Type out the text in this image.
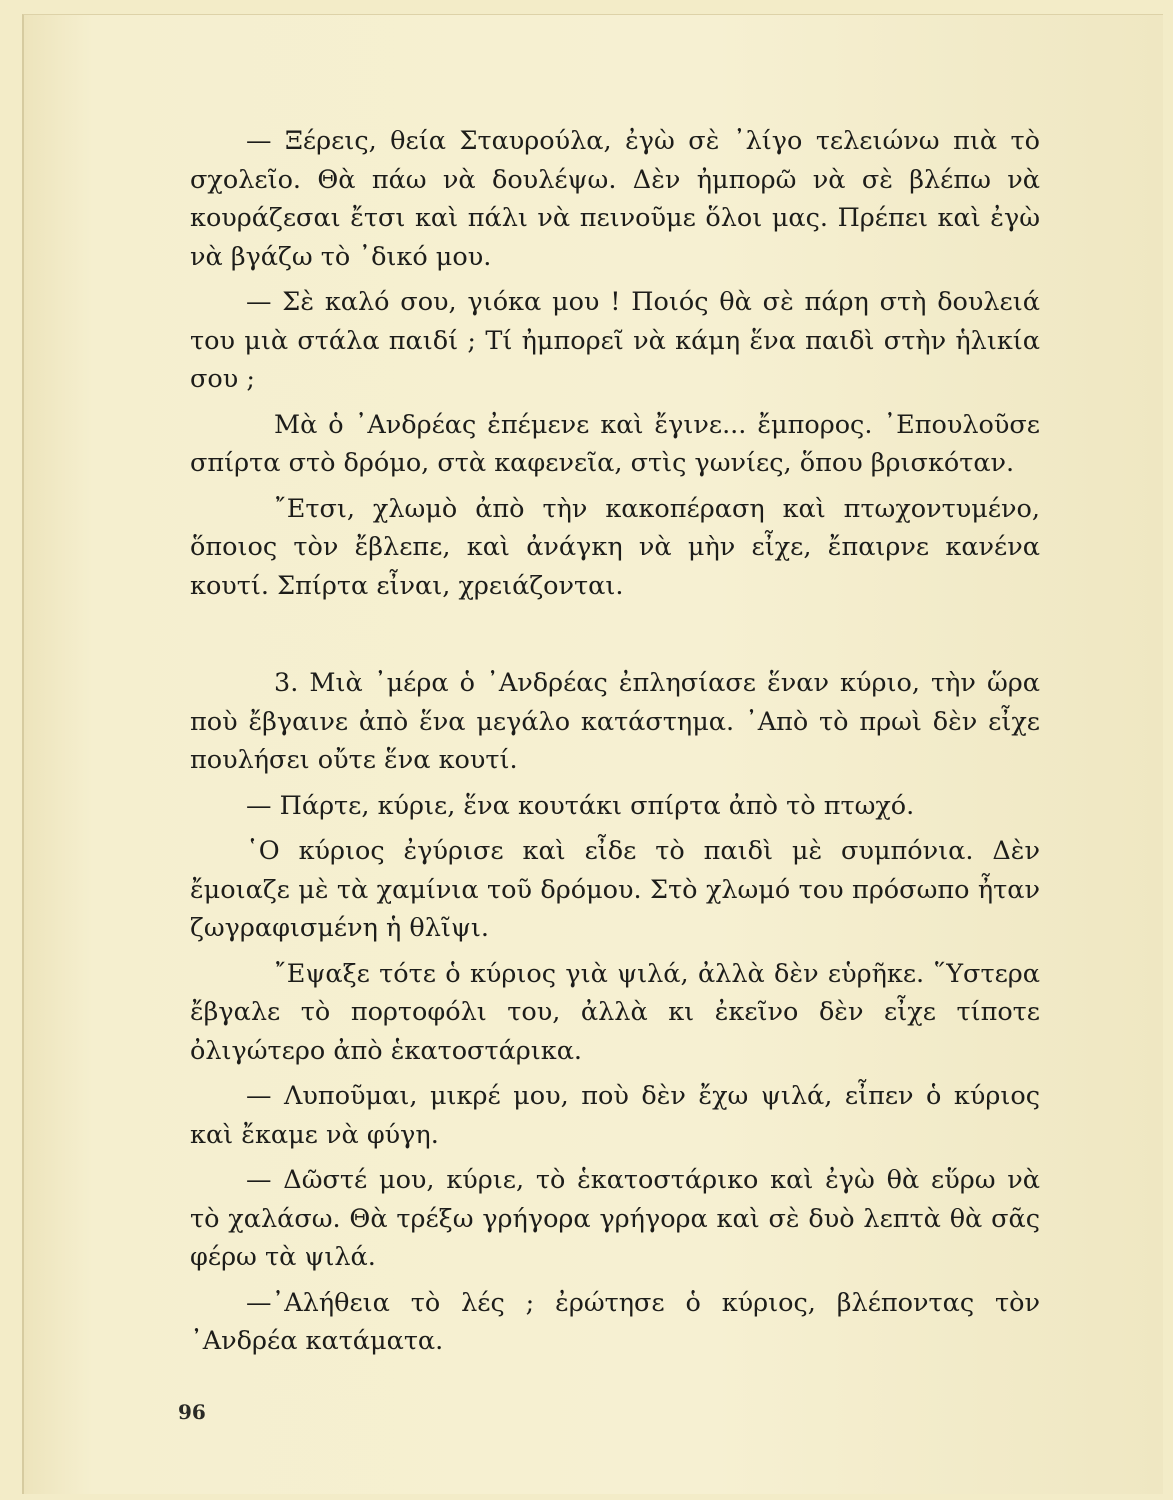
— Ξέρεις, θεία Σταυρούλα, ἐγὼ σὲ ᾿λίγο τελειώνω πιὰ τὸ σχολεῖο. Θὰ πάω νὰ δουλέψω. Δὲν ἠμπορῶ νὰ σὲ βλέπω νὰ κουράζεσαι ἔτσι καὶ πάλι νὰ πεινοῦμε ὅλοι μας. Πρέπει καὶ ἐγὼ νὰ βγάζω τὸ ᾿δικό μου.

— Σὲ καλό σου, γιόκα μου ! Ποιός θὰ σὲ πάρη στὴ δουλειά του μιὰ στάλα παιδί ; Τί ἠμπορεῖ νὰ κάμη ἕνα παιδὶ στὴν ἡλικία σου ;

Μὰ ὁ ᾿Ανδρέας ἐπέμενε καὶ ἔγινε... ἔμπορος. ᾿Επουλοῦσε σπίρτα στὸ δρόμο, στὰ καφενεῖα, στὶς γωνίες, ὅπου βρισκόταν.

῎Ετσι, χλωμὸ ἀπὸ τὴν κακοπέραση καὶ πτωχοντυμένο, ὅποιος τὸν ἔβλεπε, καὶ ἀνάγκη νὰ μὴν εἶχε, ἔπαιρνε κανένα κουτί. Σπίρτα εἶναι, χρειάζονται.

3. Μιὰ ᾿μέρα ὁ ᾿Ανδρέας ἐπλησίασε ἕναν κύριο, τὴν ὥρα ποὺ ἔβγαινε ἀπὸ ἕνα μεγάλο κατάστημα. ᾿Απὸ τὸ πρωὶ δὲν εἶχε πουλήσει οὔτε ἕνα κουτί.

— Πάρτε, κύριε, ἕνα κουτάκι σπίρτα ἀπὸ τὸ πτωχό.

῾Ο κύριος ἐγύρισε καὶ εἶδε τὸ παιδὶ μὲ συμπόνια. Δὲν ἔμοιαζε μὲ τὰ χαμίνια τοῦ δρόμου. Στὸ χλωμό του πρόσωπο ἦταν ζωγραφισμένη ἡ θλῖψι.

῎Εψαξε τότε ὁ κύριος γιὰ ψιλά, ἀλλὰ δὲν εὑρῆκε. ῞Υστερα ἔβγαλε τὸ πορτοφόλι του, ἀλλὰ κι ἐκεῖνο δὲν εἶχε τίποτε ὀλιγώτερο ἀπὸ ἑκατοστάρικα.

— Λυποῦμαι, μικρέ μου, ποὺ δὲν ἔχω ψιλά, εἶπεν ὁ κύριος καὶ ἔκαμε νὰ φύγη.

— Δῶστέ μου, κύριε, τὸ ἑκατοστάρικο καὶ ἐγὼ θὰ εὕρω νὰ τὸ χαλάσω. Θὰ τρέξω γρήγορα γρήγορα καὶ σὲ δυὸ λεπτὰ θὰ σᾶς φέρω τὰ ψιλά.

—᾿Αλήθεια τὸ λές ; ἐρώτησε ὁ κύριος, βλέποντας τὸν ᾿Ανδρέα κατάματα.

96
